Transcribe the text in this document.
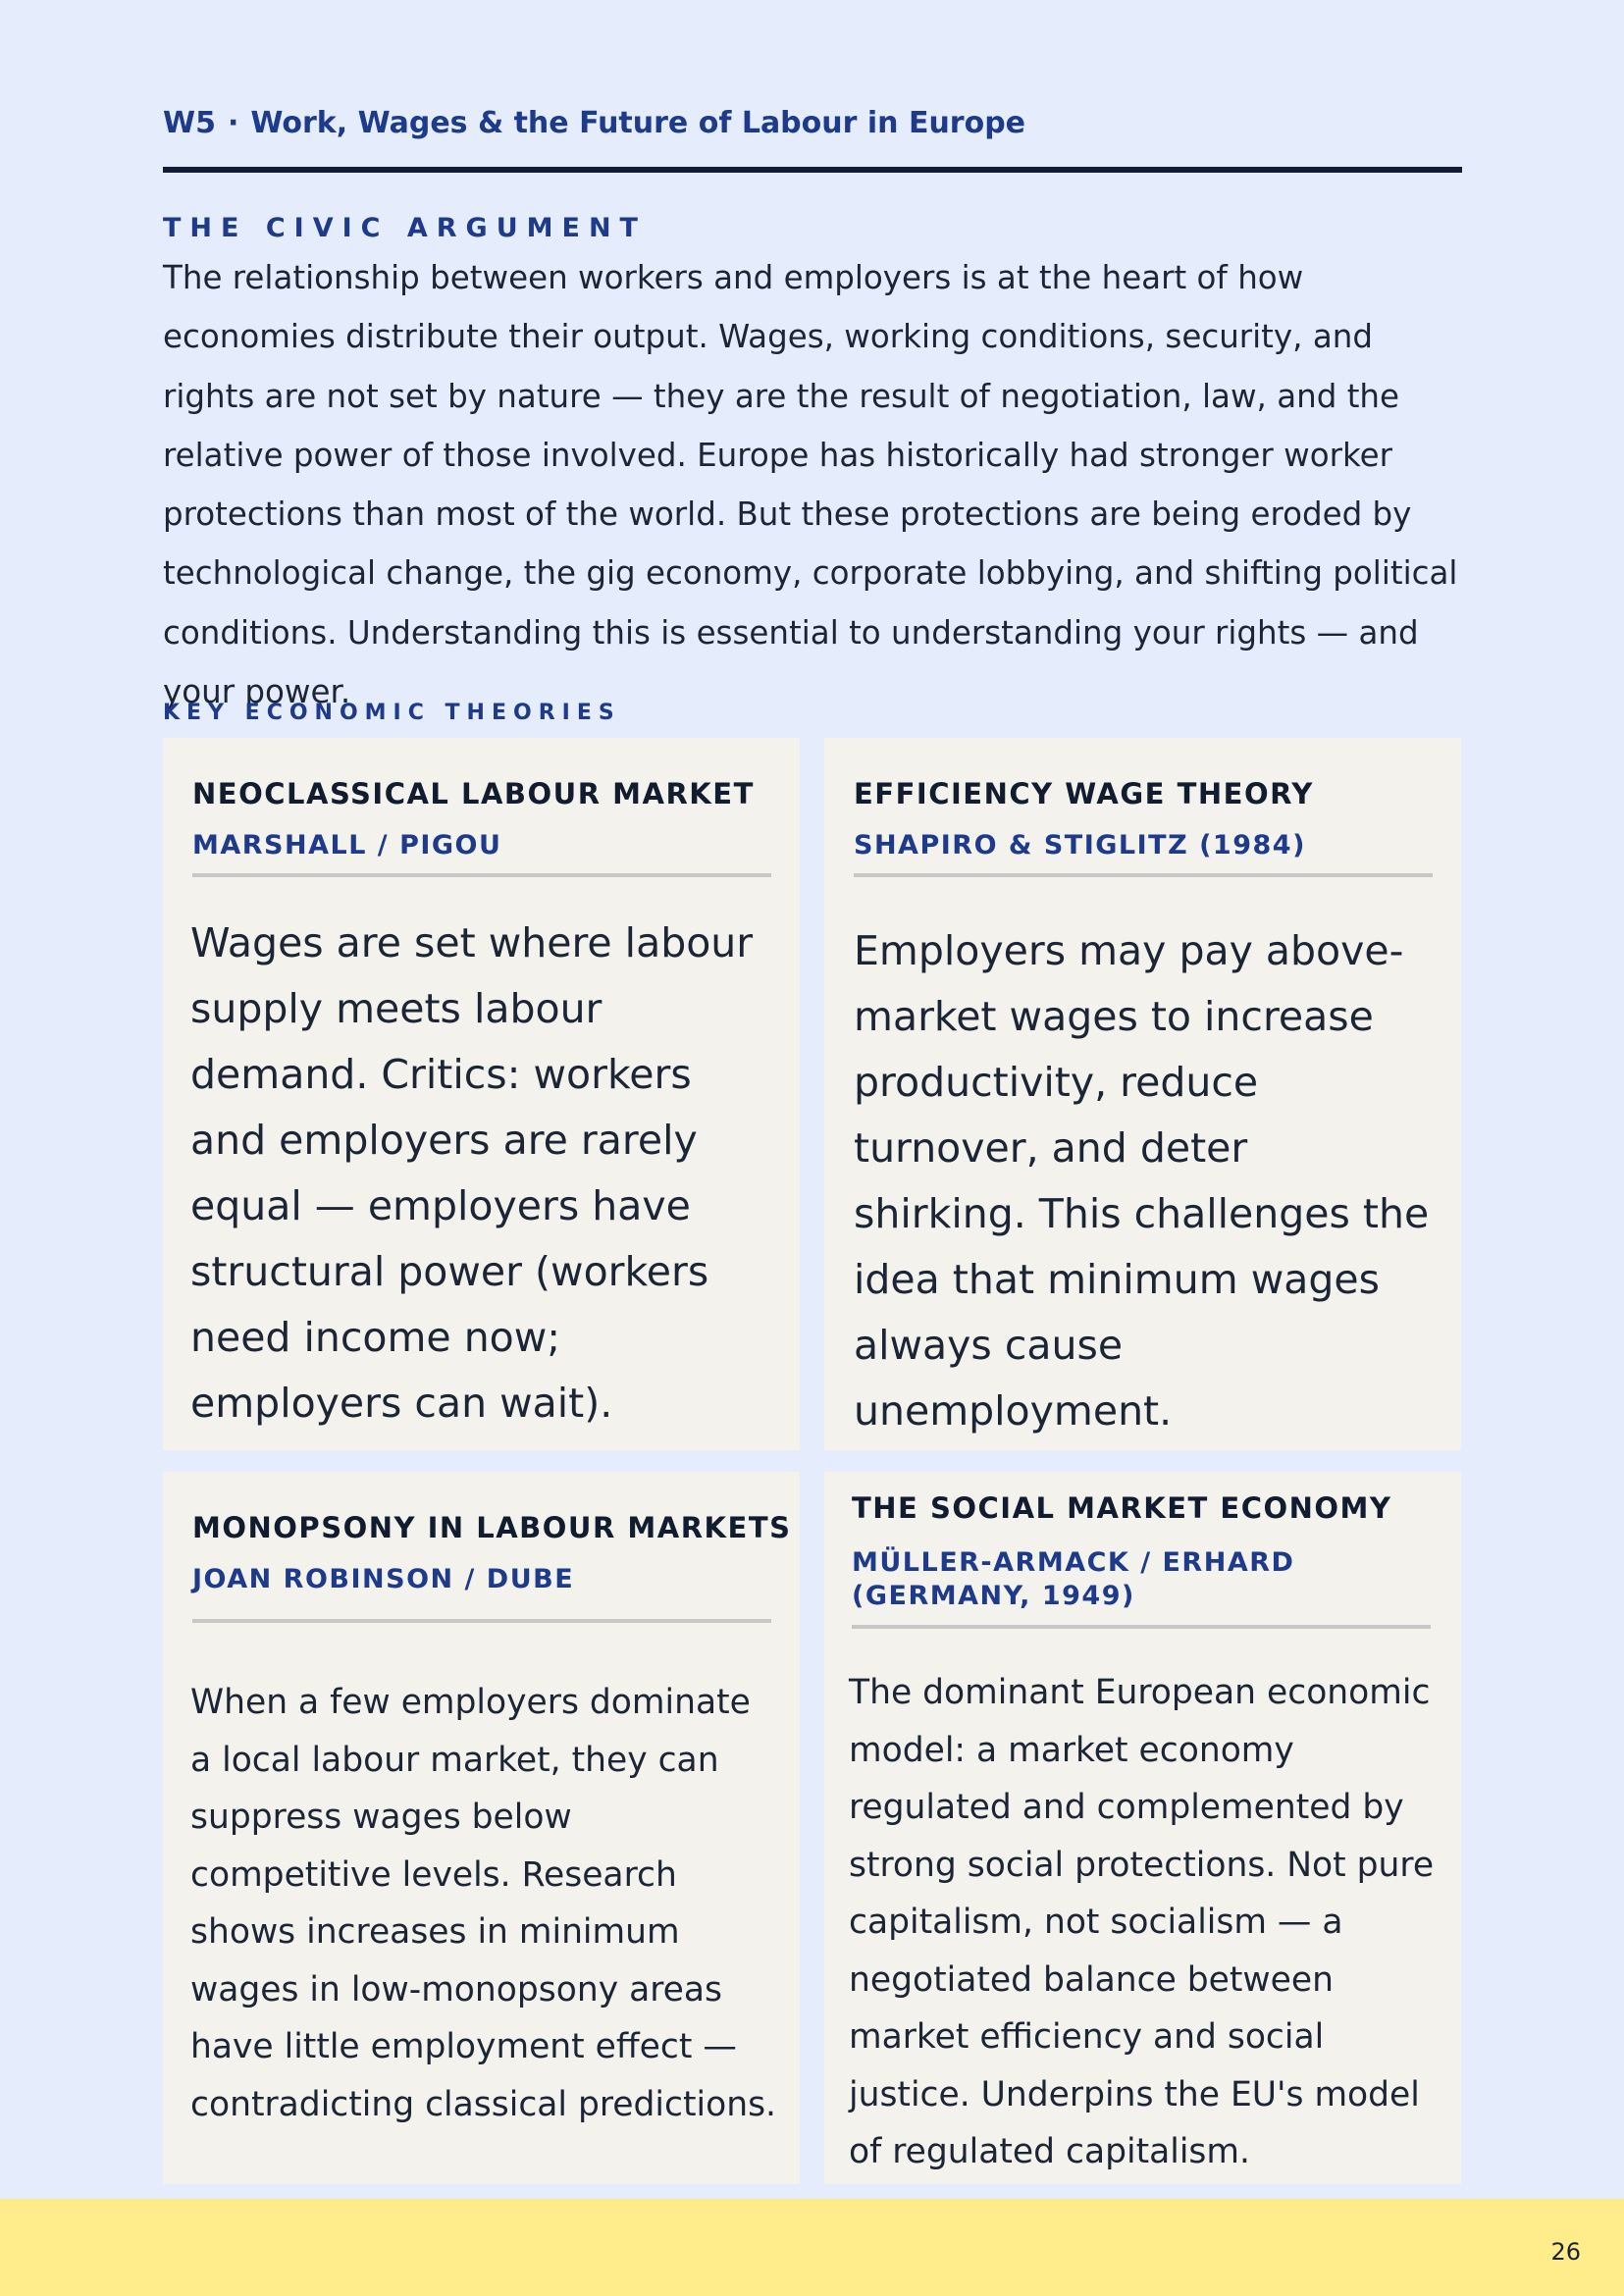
W5 · Work, Wages & the Future of Labour in Europe
THE CIVIC ARGUMENT

The relationship between workers and employers is at the heart of how economies distribute their output. Wages, working conditions, security, and rights are not set by nature — they are the result of negotiation, law, and the relative power of those involved. Europe has historically had stronger worker protections than most of the world. But these protections are being eroded by technological change, the gig economy, corporate lobbying, and shifting political conditions. Understanding this is essential to understanding your rights — and your power.

KEY ECONOMIC THEORIES

NEOCLASSICAL LABOUR MARKET

MARSHALL / PIGOU

Wages are set where labour supply meets labour demand. Critics: workers and employers are rarely equal — employers have structural power (workers need income now; employers can wait).

EFFICIENCY WAGE THEORY

SHAPIRO & STIGLITZ (1984)

Employers may pay above-market wages to increase productivity, reduce turnover, and deter shirking. This challenges the idea that minimum wages always cause unemployment.

MONOPSONY IN LABOUR MARKETS

JOAN ROBINSON / DUBE

When a few employers dominate a local labour market, they can suppress wages below competitive levels. Research shows increases in minimum wages in low-monopsony areas have little employment effect — contradicting classical predictions.

THE SOCIAL MARKET ECONOMY

MÜLLER-ARMACK / ERHARD (GERMANY, 1949)

The dominant European economic model: a market economy regulated and complemented by strong social protections. Not pure capitalism, not socialism — a negotiated balance between market efficiency and social justice. Underpins the EU's model of regulated capitalism.

26
